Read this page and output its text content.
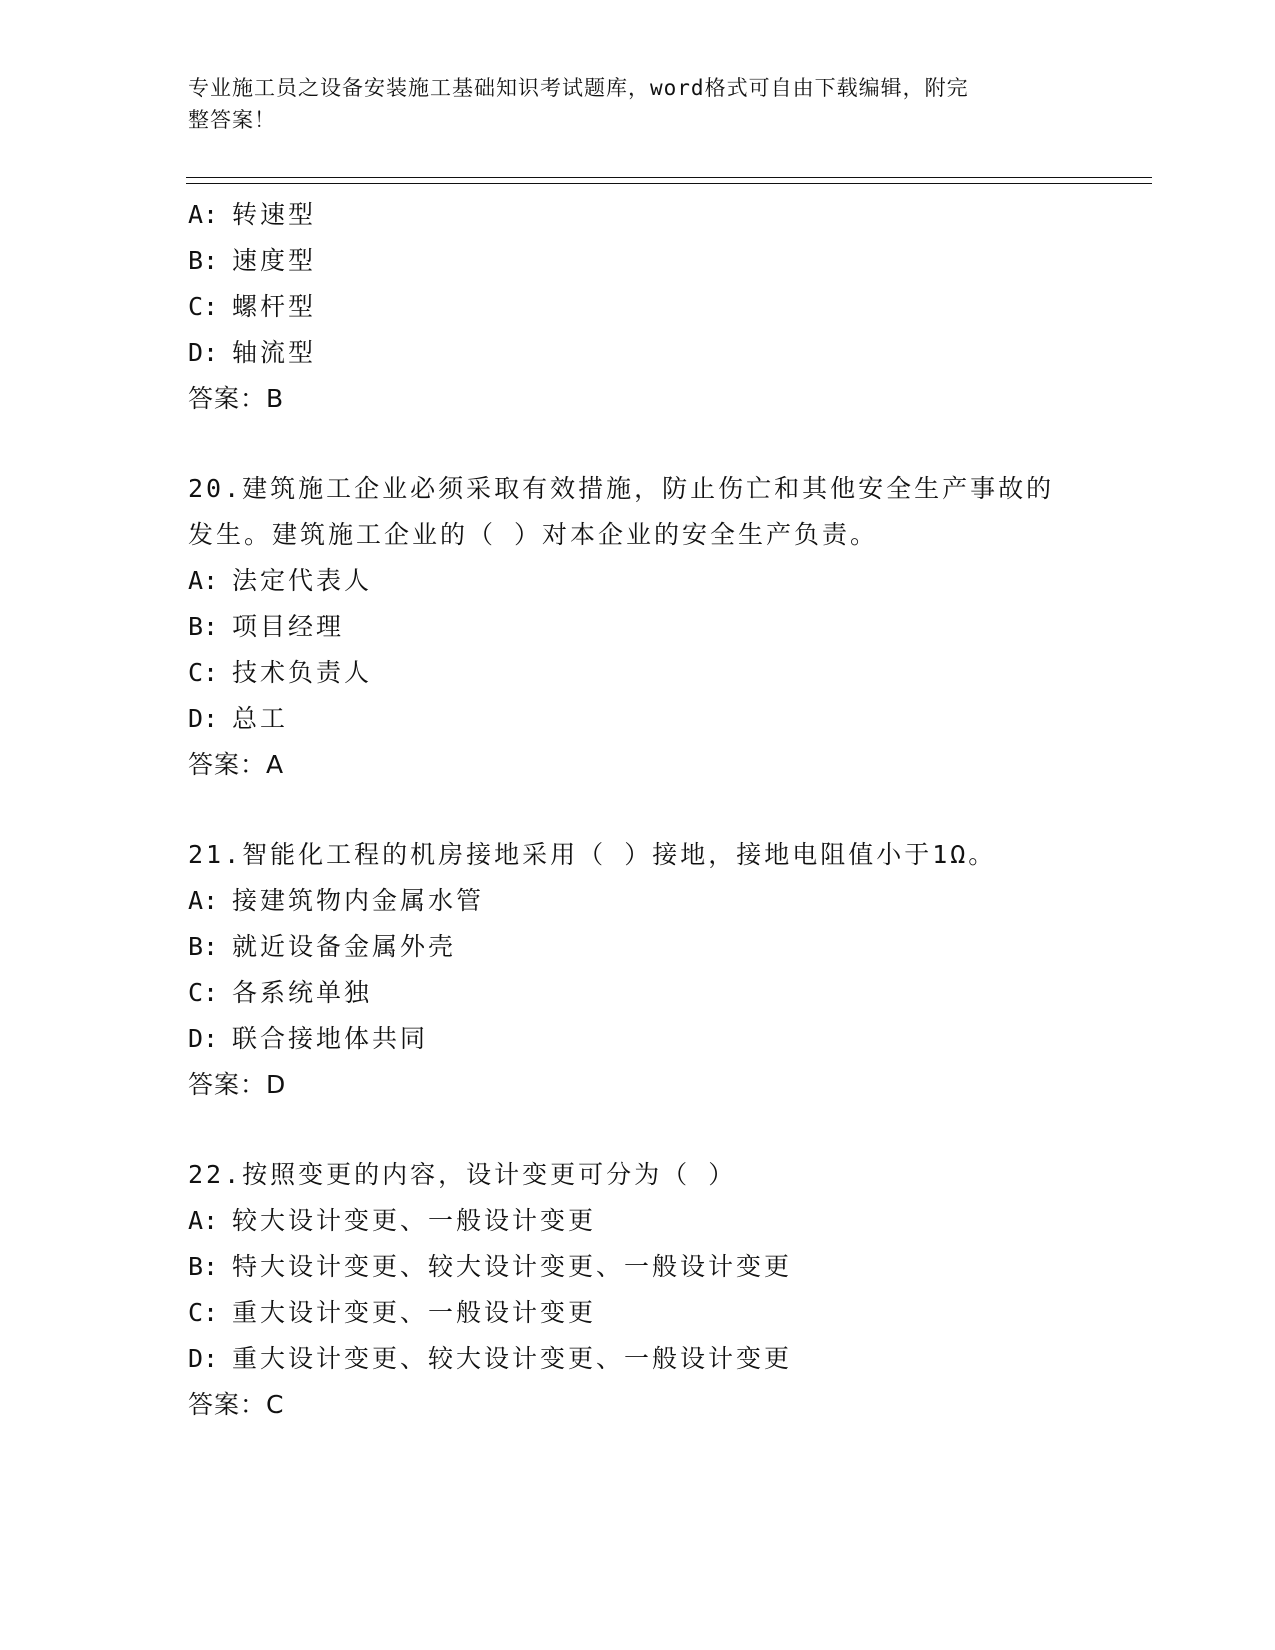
专业施工员之设备安装施工基础知识考试题库，word格式可自由下载编辑，附完
整答案！
A: 转速型
B: 速度型
C: 螺杆型
D: 轴流型
答案：B
20.建筑施工企业必须采取有效措施，防止伤亡和其他安全生产事故的
发生。建筑施工企业的（ ）对本企业的安全生产负责。
A: 法定代表人
B: 项目经理
C: 技术负责人
D: 总工
答案：A
21.智能化工程的机房接地采用（ ）接地，接地电阻值小于1Ω。
A: 接建筑物内金属水管
B: 就近设备金属外壳
C: 各系统单独
D: 联合接地体共同
答案：D
22.按照变更的内容，设计变更可分为（ ）
A: 较大设计变更、一般设计变更
B: 特大设计变更、较大设计变更、一般设计变更
C: 重大设计变更、一般设计变更
D: 重大设计变更、较大设计变更、一般设计变更
答案：C
